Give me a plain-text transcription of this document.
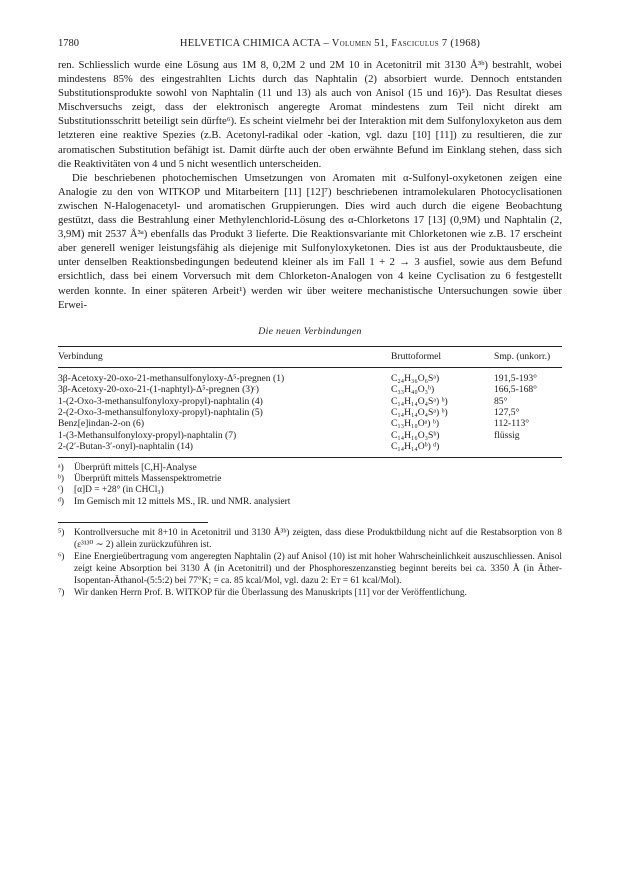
1780	HELVETICA CHIMICA ACTA – Volumen 51, Fasciculus 7 (1968)

ren. Schliesslich wurde eine Lösung aus 1M 8, 0,2M 2 und 2M 10 in Acetonitril mit 3130 Å³ᵇ) bestrahlt, wobei mindestens 85% des eingestrahlten Lichts durch das Naphtalin (2) absorbiert wurde. Dennoch entstanden Substitutionsprodukte sowohl von Naphtalin (11 und 13) als auch von Anisol (15 und 16)⁵). Das Resultat dieses Mischversuchs zeigt, dass der elektronisch angeregte Aromat mindestens zum Teil nicht direkt am Substitutionsschritt beteiligt sein dürfte⁶). Es scheint vielmehr bei der Interaktion mit dem Sulfonyloxyketon aus dem letzteren eine reaktive Spezies (z.B. Acetonyl-radikal oder -kation, vgl. dazu [10] [11]) zu resultieren, die zur aromatischen Substitution befähigt ist. Damit dürfte auch der oben erwähnte Befund im Einklang stehen, dass sich die Reaktivitäten von 4 und 5 nicht wesentlich unterscheiden.

Die beschriebenen photochemischen Umsetzungen von Aromaten mit α-Sulfonyl-oxyketonen zeigen eine Analogie zu den von WITKOP und Mitarbeitern [11] [12]⁷) beschriebenen intramolekularen Photocyclisationen zwischen N-Halogenacetyl- und aromatischen Gruppierungen. Dies wird auch durch die eigene Beobachtung gestützt, dass die Bestrahlung einer Methylenchlorid-Lösung des α-Chlorketons 17 [13] (0,9M) und Naphtalin (2, 3,9M) mit 2537 Å³ᵃ) ebenfalls das Produkt 3 lieferte. Die Reaktionsvariante mit Chlorketonen wie z.B. 17 erscheint aber generell weniger leistungsfähig als diejenige mit Sulfonyloxyketonen. Dies ist aus der Produktausbeute, die unter denselben Reaktionsbedingungen bedeutend kleiner als im Fall 1 + 2 → 3 ausfiel, sowie aus dem Befund ersichtlich, dass bei einem Vorversuch mit dem Chlorketon-Analogen von 4 keine Cyclisation zu 6 festgestellt werden konnte. In einer späteren Arbeit¹) werden wir über weitere mechanistische Untersuchungen sowie über Erwei-

Die neuen Verbindungen
Verbindung	Bruttoformel	Smp. (unkorr.)
3β-Acetoxy-20-oxo-21-methansulfonyloxy-Δ⁵-pregnen (1)	C₂₄H₃₆O₆Sᵃ)	191,5-193°
3β-Acetoxy-20-oxo-21-(1-naphtyl)-Δ⁵-pregnen (3)ᶜ)	C₃₃H₄₀O₃ᵇ)	166,5-168°
1-(2-Oxo-3-methansulfonyloxy-propyl)-naphtalin (4)	C₁₄H₁₄O₄Sᵃ) ᵇ)	85°
2-(2-Oxo-3-methansulfonyloxy-propyl)-naphtalin (5)	C₁₄H₁₄O₄Sᵃ) ᵇ)	127,5°
Benz[e]indan-2-on (6)	C₁₃H₁₀Oᵃ) ᵇ)	112-113°
1-(3-Methansulfonyloxy-propyl)-naphtalin (7)	C₁₄H₁₆O₃Sᵇ)	flüssig
2-(2′-Butan-3′-onyl)-naphtalin (14)	C₁₄H₁₄Oᵇ) ᵈ)	
ᵃ)	Überprüft mittels [C,H]-Analyse
ᵇ)	Überprüft mittels Massenspektrometrie
ᶜ)	[α]D = +28° (in CHCl₃)
ᵈ)	Im Gemisch mit 12 mittels MS., IR. und NMR. analysiert
⁵)	Kontrollversuche mit 8+10 in Acetonitril und 3130 Å³ᵇ) zeigten, dass diese Produktbildung nicht auf die Restabsorption von 8 (ε³¹³⁰ ∼ 2) allein zurückzuführen ist.
⁶)	Eine Energieübertragung vom angeregten Naphtalin (2) auf Anisol (10) ist mit hoher Wahrscheinlichkeit auszuschliessen. Anisol zeigt keine Absorption bei 3130 Å (in Acetonitril) und der Phosphoreszenzanstieg beginnt bereits bei ca. 3350 Å (in Äther-Isopentan-Äthanol-(5:5:2) bei 77°K; = ca. 85 kcal/Mol, vgl. dazu 2: Eᴛ = 61 kcal/Mol).
⁷)	Wir danken Herrn Prof. B. WITKOP für die Überlassung des Manuskripts [11] vor der Veröffentlichung.
